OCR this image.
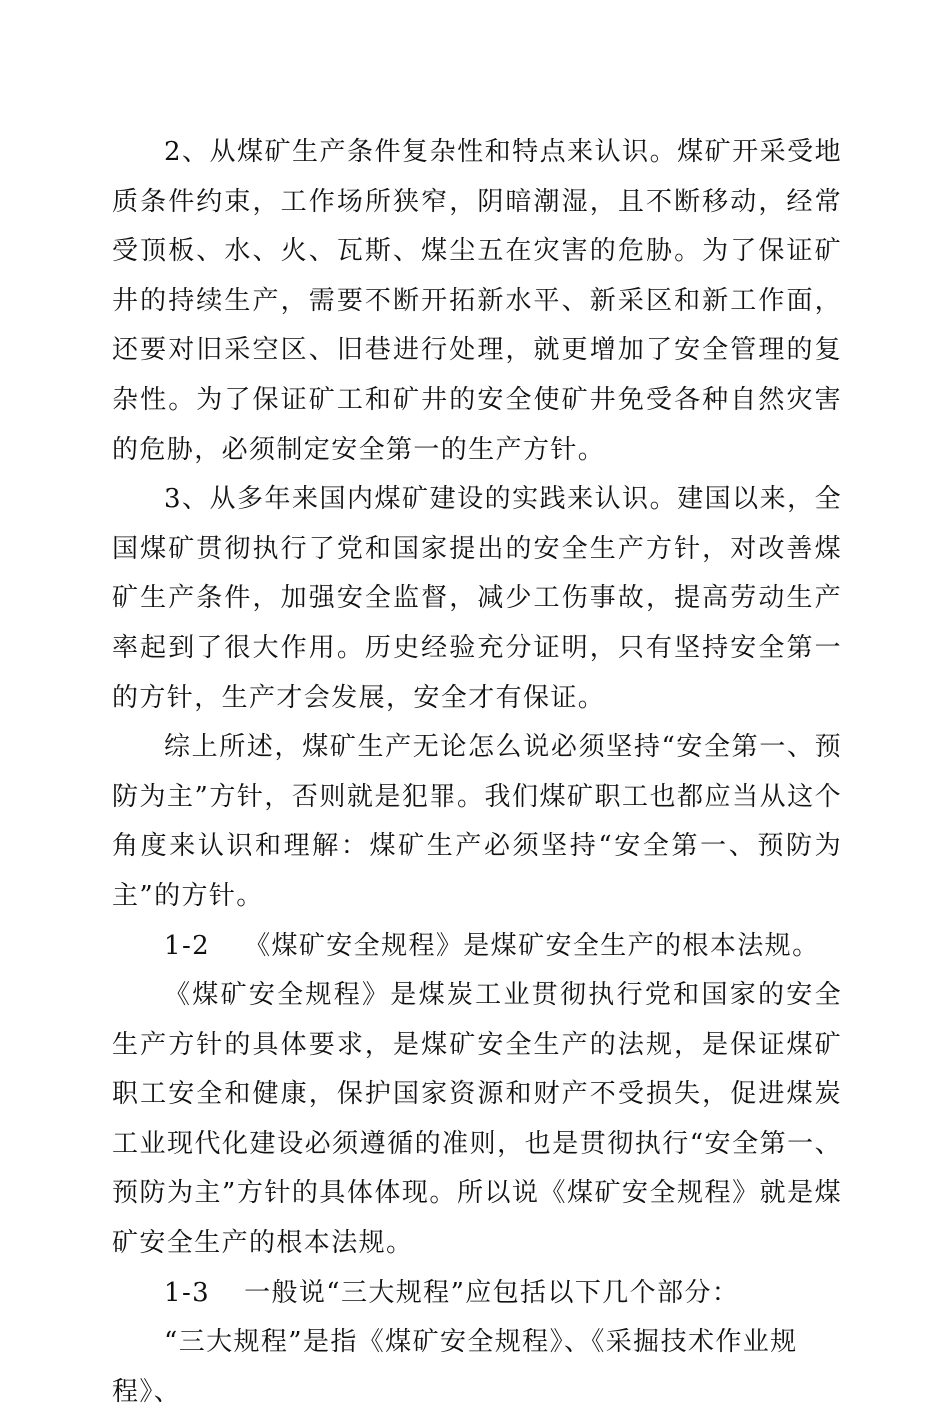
2、从煤矿生产条件复杂性和特点来认识。煤矿开采受地质条件约束，工作场所狭窄，阴暗潮湿，且不断移动，经常受顶板、水、火、瓦斯、煤尘五在灾害的危胁。为了保证矿井的持续生产，需要不断开拓新水平、新采区和新工作面，还要对旧采空区、旧巷进行处理，就更增加了安全管理的复杂性。为了保证矿工和矿井的安全使矿井免受各种自然灾害的危胁，必须制定安全第一的生产方针。

3、从多年来国内煤矿建设的实践来认识。建国以来，全国煤矿贯彻执行了党和国家提出的安全生产方针，对改善煤矿生产条件，加强安全监督，减少工伤事故，提高劳动生产率起到了很大作用。历史经验充分证明，只有坚持安全第一的方针，生产才会发展，安全才有保证。

综上所述，煤矿生产无论怎么说必须坚持“安全第一、预防为主”方针，否则就是犯罪。我们煤矿职工也都应当从这个角度来认识和理解：煤矿生产必须坚持“安全第一、预防为主”的方针。

1-2 《煤矿安全规程》是煤矿安全生产的根本法规。

《煤矿安全规程》是煤炭工业贯彻执行党和国家的安全生产方针的具体要求，是煤矿安全生产的法规，是保证煤矿职工安全和健康，保护国家资源和财产不受损失，促进煤炭工业现代化建设必须遵循的准则，也是贯彻执行“安全第一、预防为主”方针的具体体现。所以说《煤矿安全规程》就是煤矿安全生产的根本法规。

1-3 一般说“三大规程”应包括以下几个部分：

“三大规程”是指《煤矿安全规程》、《采掘技术作业规程》、
